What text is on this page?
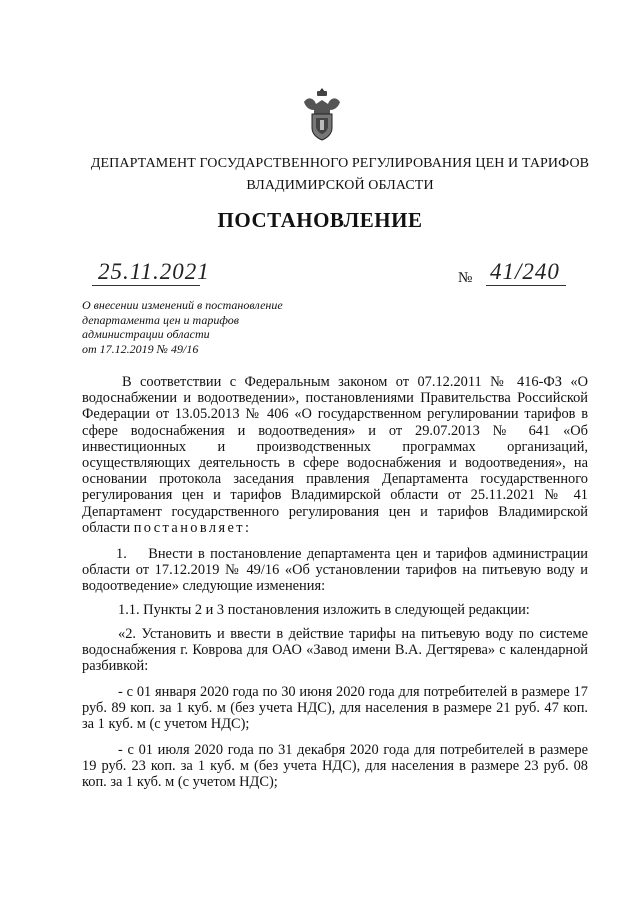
ДЕПАРТАМЕНТ ГОСУДАРСТВЕННОГО РЕГУЛИРОВАНИЯ ЦЕН И ТАРИФОВ
ВЛАДИМИРСКОЙ ОБЛАСТИ
ПОСТАНОВЛЕНИЕ
25.11.2021	№ 41/240
О внесении изменений в постановление
департамента цен и тарифов
администрации области
от 17.12.2019 № 49/16
В соответствии с Федеральным законом от 07.12.2011 № 416-ФЗ «О водоснабжении и водоотведении», постановлениями Правительства Российской Федерации от 13.05.2013 № 406 «О государственном регулировании тарифов в сфере водоснабжения и водоотведения» и от 29.07.2013 № 641 «Об инвестиционных и производственных программах организаций, осуществляющих деятельность в сфере водоснабжения и водоотведения», на основании протокола заседания правления Департамента государственного регулирования цен и тарифов Владимирской области от 25.11.2021 № 41 Департамент государственного регулирования цен и тарифов Владимирской области постановляет:
1.    Внести в постановление департамента цен и тарифов администрации области от 17.12.2019 № 49/16 «Об установлении тарифов на питьевую воду и водоотведение» следующие изменения:
1.1. Пункты 2 и 3 постановления изложить в следующей редакции:
«2. Установить и ввести в действие тарифы на питьевую воду по системе водоснабжения г. Коврова для ОАО «Завод имени В.А. Дегтярева» с календарной разбивкой:
- с 01 января 2020 года по 30 июня 2020 года для потребителей в размере 17 руб. 89 коп. за 1 куб. м (без учета НДС), для населения в размере 21 руб. 47 коп. за 1 куб. м (с учетом НДС);
- с 01 июля 2020 года по 31 декабря 2020 года для потребителей в размере 19 руб. 23 коп. за 1 куб. м (без учета НДС), для населения в размере 23 руб. 08 коп. за 1 куб. м (с учетом НДС);
